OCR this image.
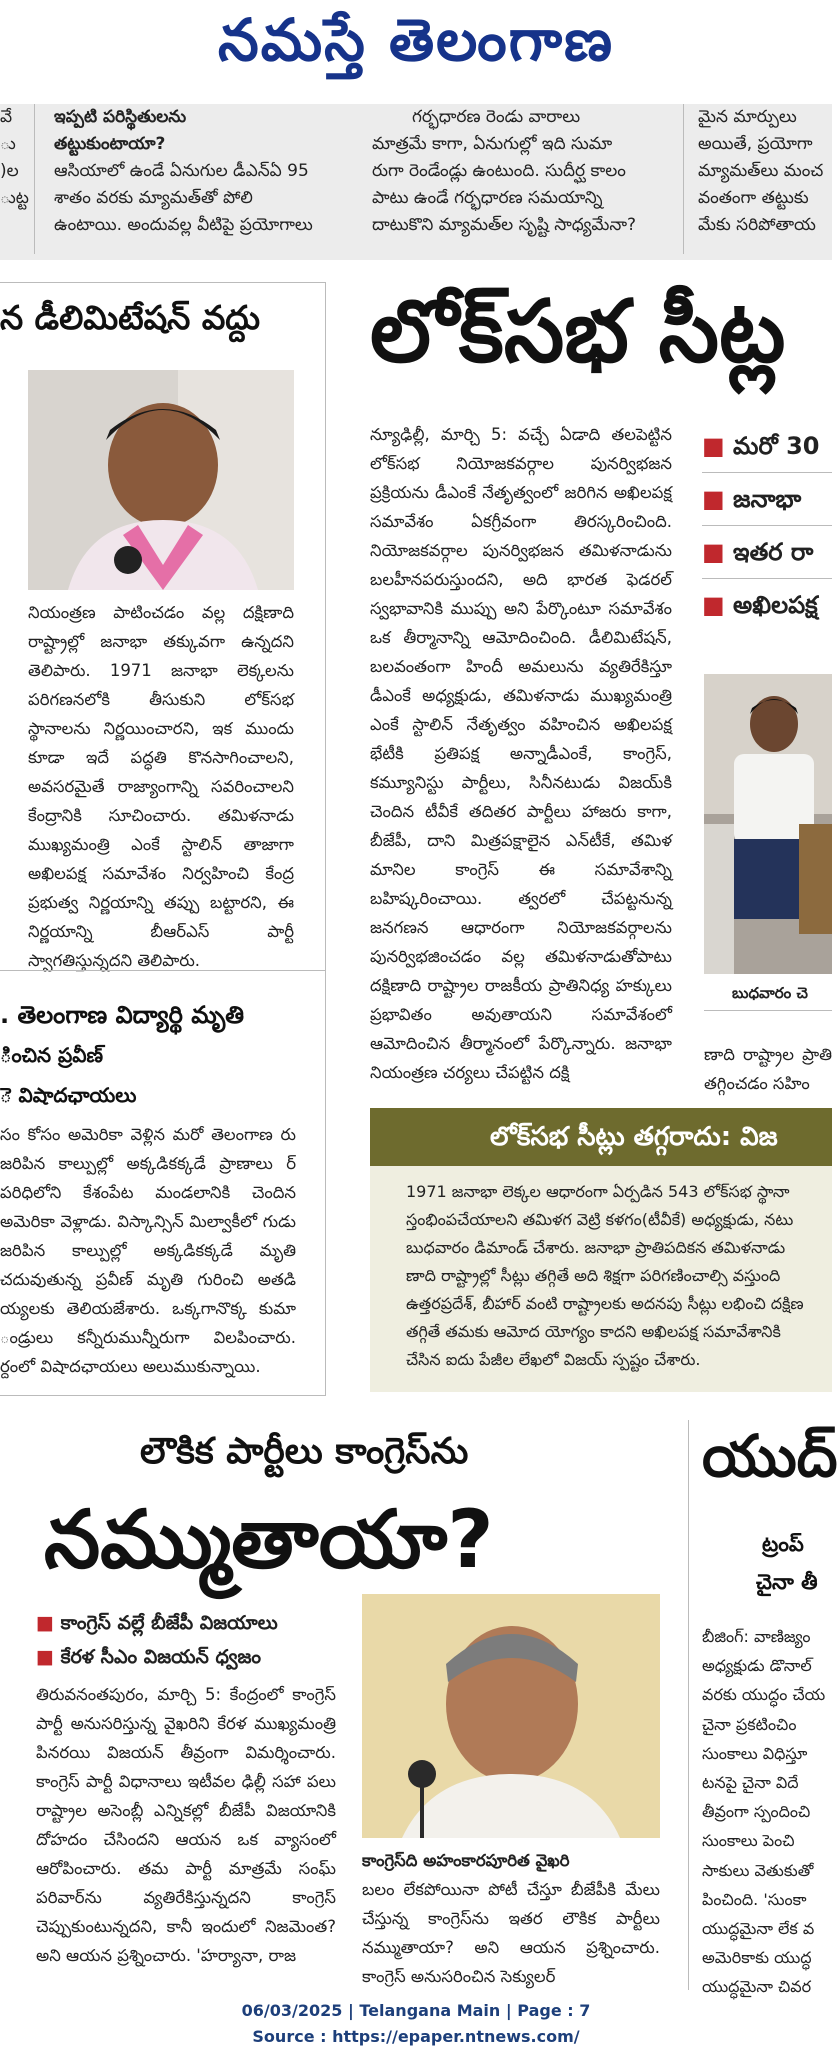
నమస్తే తెలంగాణ
వే
ు
)ల
ుట్ట
ఇప్పటి పరిస్థితులను
తట్టుకుంటాయా?
ఆసియాలో ఉండే ఏనుగుల డీఎన్ఏ 95
శాతం వరకు మ్యామత్‌తో పోలి
ఉంటాయి. అందువల్ల వీటిపై ప్రయోగాలు
గర్భధారణ రెండు వారాలు
మాత్రమే కాగా, ఏనుగుల్లో ఇది సుమా
రుగా రెండేండ్లు ఉంటుంది. సుదీర్ఘ కాలం
పాటు ఉండే గర్భధారణ సమయాన్ని
దాటుకొని మ్యామత్‌ల సృష్టి సాధ్యమేనా?
మైన మార్పులు
అయితే, ప్రయోగా
మ్యామత్‌లు మంచ
వంతంగా తట్టుకు
మేకు సరిపోతాయ
న డీలిమిటేషన్ వద్దు
నియంత్రణ పాటించడం వల్ల దక్షిణాది రాష్ట్రాల్లో జనాభా తక్కువగా ఉన్నదని తెలిపారు. 1971 జనాభా లెక్కలను పరిగణనలోకి తీసుకుని లోక్‌సభ స్థానాలను నిర్ణయించారని, ఇక ముందు కూడా ఇదే పద్ధతి కొనసాగించాలని, అవసరమైతే రాజ్యాంగాన్ని సవరించాలని కేంద్రానికి సూచించారు. తమిళనాడు ముఖ్యమంత్రి ఎంకే స్టాలిన్ తాజాగా అఖిలపక్ష సమావేశం నిర్వహించి కేంద్ర ప్రభుత్వ నిర్ణయాన్ని తప్పు బట్టారని, ఈ నిర్ణయాన్ని బీఆర్ఎస్ పార్టీ స్వాగతిస్తున్నదని తెలిపారు.
. తెలంగాణ విద్యార్థి మృతి
ించిన ప్రవీణ్
ె విషాదఛాయలు
సం కోసం అమెరికా వెళ్లిన మరో తెలంగాణ రు జరిపిన కాల్పుల్లో అక్కడికక్కడే ప్రాణాలు ర్ పరిధిలోని కేశంపేట మండలానికి చెందిన అమెరికా వెళ్లాడు. విస్కాన్సిన్ మిల్వాకీలో గుడు జరిపిన కాల్పుల్లో అక్కడికక్కడే మృతి చదువుతున్న ప్రవీణ్ మృతి గురించి అతడి య్యలకు తెలియజేశారు. ఒక్కగానొక్క కుమా ండ్రులు కన్నీరుమున్నీరుగా విలపించారు. ర్దంలో విషాదఛాయలు అలుముకున్నాయి.
లోక్‌సభ సీట్ల
న్యూఢిల్లీ, మార్చి 5: వచ్చే ఏడాది తలపెట్టిన లోక్‌సభ నియోజకవర్గాల పునర్విభజన ప్రక్రియను డీఎంకే నేతృత్వంలో జరిగిన అఖిలపక్ష సమావేశం ఏకగ్రీవంగా తిరస్కరించింది. నియోజకవర్గాల పునర్విభజన తమిళనాడును బలహీనపరుస్తుందని, అది భారత ఫెడరల్ స్వభావానికి ముప్పు అని పేర్కొంటూ సమావేశం ఒక తీర్మానాన్ని ఆమోదించింది. డీలిమిటేషన్, బలవంతంగా హిందీ అమలును వ్యతిరేకిస్తూ డీఎంకే అధ్యక్షుడు, తమిళనాడు ముఖ్యమంత్రి ఎంకే స్టాలిన్ నేతృత్వం వహించిన అఖిలపక్ష భేటీకి ప్రతిపక్ష అన్నాడీఎంకే, కాంగ్రెస్, కమ్యూనిస్టు పార్టీలు, సినీనటుడు విజయ్‌కి చెందిన టీవీకే తదితర పార్టీలు హాజరు కాగా, బీజేపీ, దాని మిత్రపక్షాలైన ఎన్‌టీకే, తమిళ మానిల కాంగ్రెస్ ఈ సమావేశాన్ని బహిష్కరించాయి. త్వరలో చేపట్టనున్న జనగణన ఆధారంగా నియోజకవర్గాలను పునర్విభజించడం వల్ల తమిళనాడుతోపాటు దక్షిణాది రాష్ట్రాల రాజకీయ ప్రాతినిధ్య హక్కులు ప్రభావితం అవుతాయని సమావేశంలో ఆమోదించిన తీర్మానంలో పేర్కొన్నారు. జనాభా నియంత్రణ చర్యలు చేపట్టిన దక్షి
■ మరో 30
■ జనాభా
■ ఇతర రా
■ అఖిలపక్ష
బుధవారం చె
ణాది రాష్ట్రాల ప్రాతి తగ్గించడం సహిం
లోక్‌సభ సీట్లు తగ్గరాదు: విజ
1971 జనాభా లెక్కల ఆధారంగా ఏర్పడిన 543 లోక్‌సభ స్థానా
స్తంభింపచేయాలని తమిళగ వెట్రి కళగం(టీవీకే) అధ్యక్షుడు, నటు
బుధవారం డిమాండ్ చేశారు. జనాభా ప్రాతిపదికన తమిళనాడు
ణాది రాష్ట్రాల్లో సీట్లు తగ్గితే అది శిక్షగా పరిగణించాల్సి వస్తుంది
ఉత్తరప్రదేశ్, బీహార్ వంటి రాష్ట్రాలకు అదనపు సీట్లు లభించి దక్షిణ
తగ్గితే తమకు ఆమోద యోగ్యం కాదని అఖిలపక్ష సమావేశానికి
చేసిన ఐదు పేజీల లేఖలో విజయ్ స్పష్టం చేశారు.
లౌకిక పార్టీలు కాంగ్రెస్‌ను
నమ్ముతాయా?
■ కాంగ్రెస్ వల్లే బీజేపీ విజయాలు
■ కేరళ సీఎం విజయన్ ధ్వజం
తిరువనంతపురం, మార్చి 5: కేంద్రంలో కాంగ్రెస్ పార్టీ అనుసరిస్తున్న వైఖరిని కేరళ ముఖ్యమంత్రి పినరయి విజయన్ తీవ్రంగా విమర్శించారు. కాంగ్రెస్ పార్టీ విధానాలు ఇటీవల ఢిల్లీ సహా పలు రాష్ట్రాల అసెంబ్లీ ఎన్నికల్లో బీజేపీ విజయానికి దోహదం చేసిందని ఆయన ఒక వ్యాసంలో ఆరోపించారు. తమ పార్టీ మాత్రమే సంఘ్ పరివార్‌ను వ్యతిరేకిస్తున్నదని కాంగ్రెస్ చెప్పుకుంటున్నదని, కానీ ఇందులో నిజమెంత? అని ఆయన ప్రశ్నించారు. 'హర్యానా, రాజ
కాంగ్రెస్‌ది అహంకారపూరిత వైఖరి
బలం లేకపోయినా పోటీ చేస్తూ బీజేపీకి మేలు చేస్తున్న కాంగ్రెస్‌ను ఇతర లౌకిక పార్టీలు నమ్ముతాయా? అని ఆయన ప్రశ్నించారు. కాంగ్రెస్ అనుసరించిన సెక్యులర్
యుద్
ట్రంప్
చైనా తీ
బీజింగ్: వాణిజ్యం
అధ్యక్షుడు డొనాల్
వరకు యుద్ధం చేయ
చైనా ప్రకటించిం
సుంకాలు విధిస్తూ
టనపై చైనా విదే
తీవ్రంగా స్పందించి
సుంకాలు పెంచి
సాకులు వెతుకుతో
పించింది. 'సుంకా
యుద్ధమైనా లేక వ
అమెరికాకు యుద్ధ
యుద్ధమైనా చివర
06/03/2025 | Telangana Main | Page : 7
Source : https://epaper.ntnews.com/
